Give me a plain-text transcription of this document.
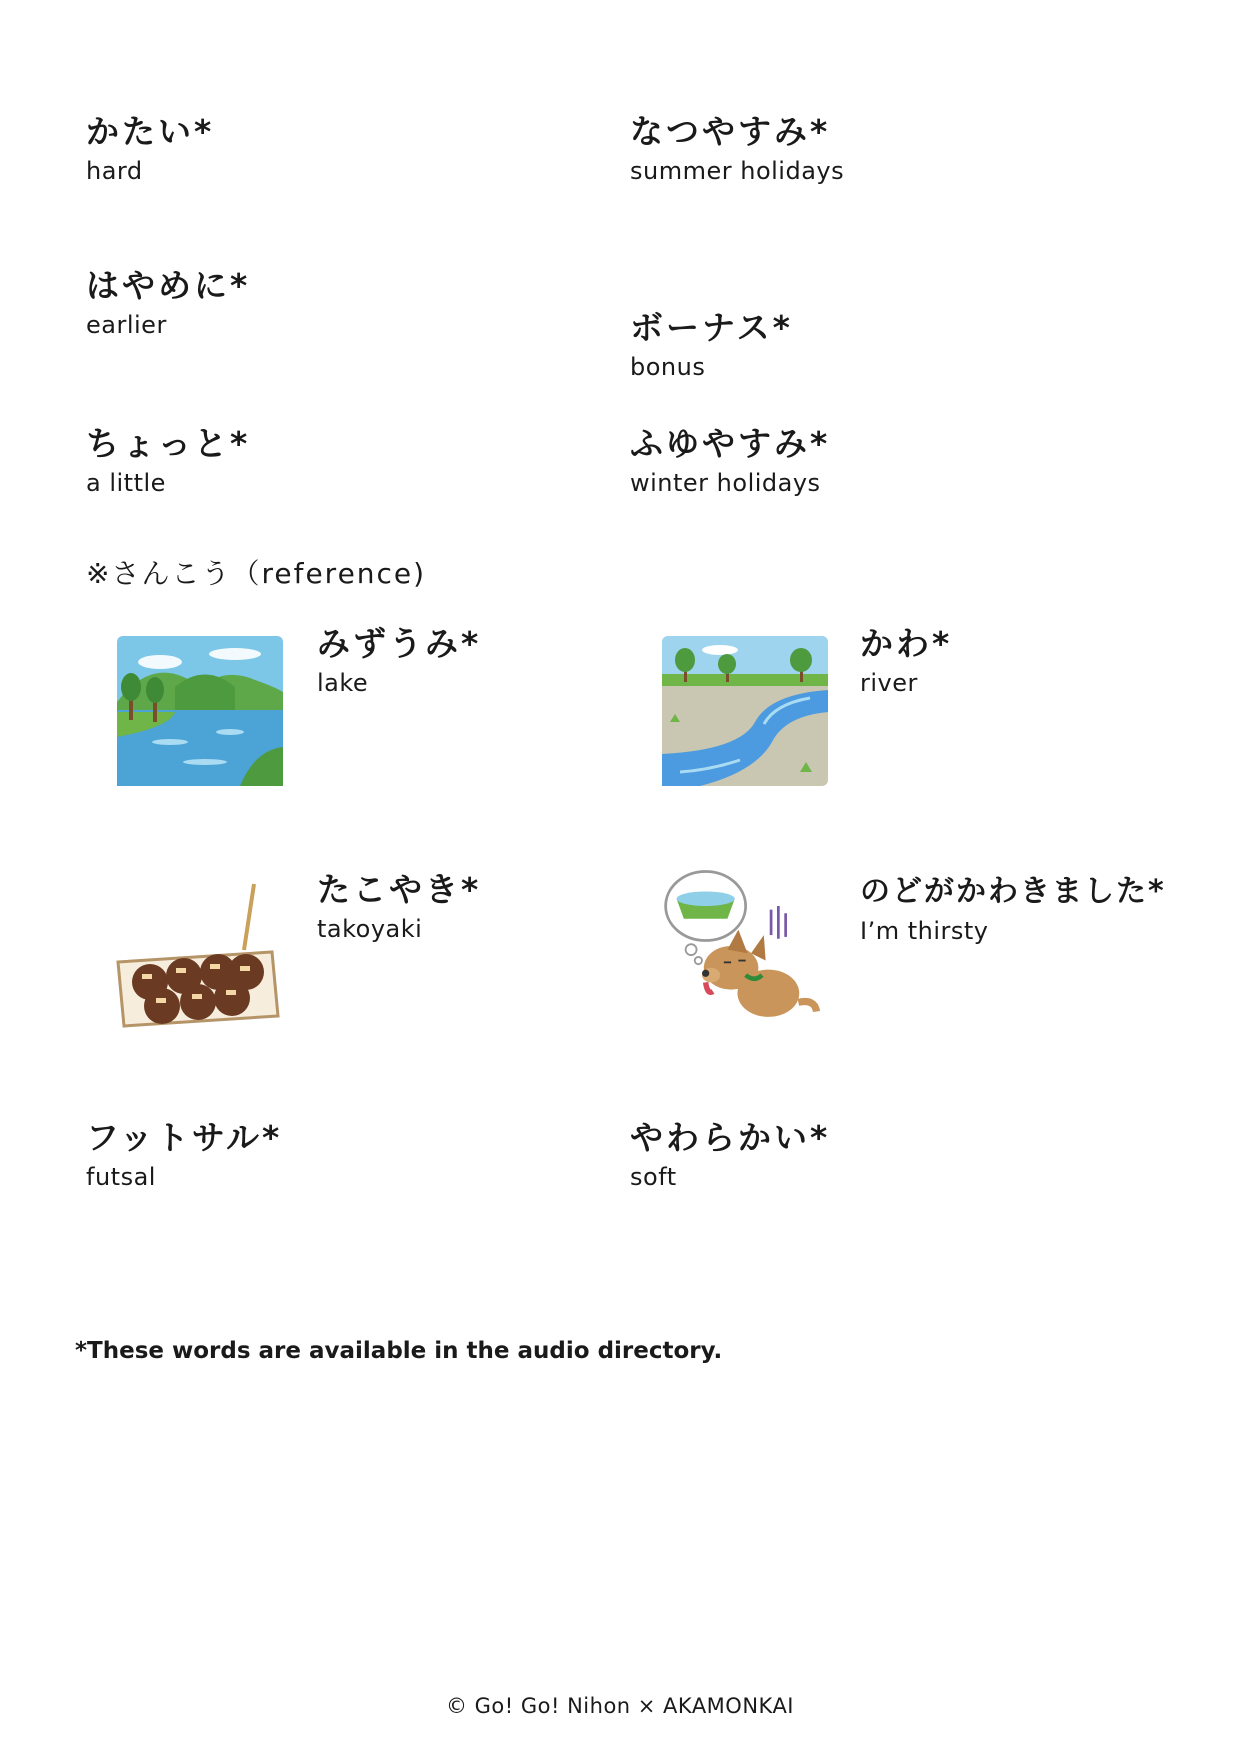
かたい*
hard
なつやすみ*
summer holidays
はやめに*
earlier	ボーナス*
bonus
ちょっと*
a little
ふゆやすみ*
winter holidays
※さんこう（reference)
みずうみ*
lake
かわ*
river
たこやき*
takoyaki
のどがかわきました*
I’m thirsty
フットサル*
futsal
やわらかい*
soft
*These words are available in the audio directory.
© Go! Go! Nihon × AKAMONKAI
